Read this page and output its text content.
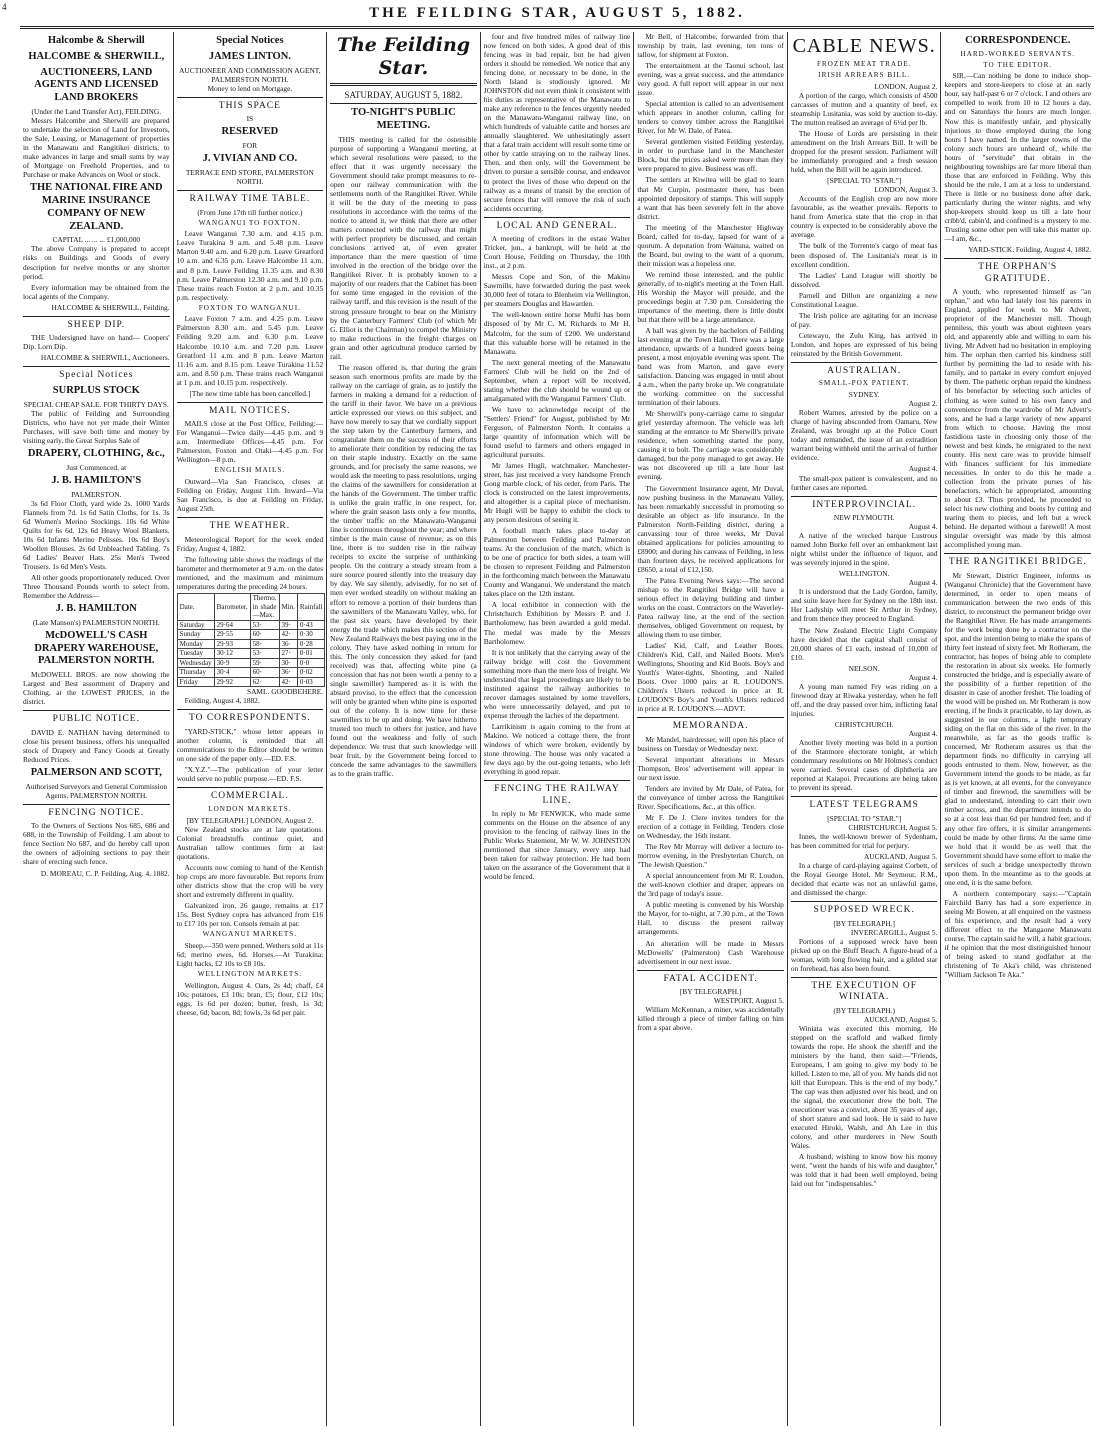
4	THE FEILDING STAR, AUGUST 5, 1882.
Halcombe & Sherwill
HALCOMBE & SHERWILL,
AUCTIONEERS, LAND AGENTS AND LICENSED LAND BROKERS
(Under the Land Transfer Act), FEILDING.

Messrs Halcombe and Sherwill are prepared to undertake the selection of Land for Investors, the Sale, Leasing, or Management of properties in the Manawatu and Rangitikei districts, to make advances in large and small sums by way of Mortgage on Freehold Properties, and to Purchase or make Advances on Wool or stock.

THE NATIONAL FIRE AND MARINE INSURANCE COMPANY OF NEW ZEALAND.
CAPITAL ... ... ... £1,000,000

The above Company is prepared to accept risks on Buildings and Goods of every description for twelve months or any shorter period.

Every information may be obtained from the local agents of the Company.

HALCOMBE & SHERWILL, Feilding.
SHEEP DIP.

THE Undersigned have on hand— Coopers' Dip. Lorn Dip.

HALCOMBE & SHERWILL, Auctioneers.
Special Notices
SURPLUS STOCK
SPECIAL CHEAP SALE. FOR THIRTY DAYS.

The public of Feilding and Surrounding Districts, who have not yet made their Winter Purchases, will save both time and money by visiting early, the Great Surplus Sale of

DRAPERY, CLOTHING, &c.,
Just Commenced, at
J. B. HAMILTON'S
PALMERSTON.

3s 6d Floor Cloth, yard wide 2s. 1000 Yards Flannels from 7d. 1s 6d Satin Cloths, for 1s. 3s 6d Women's Merino Stockings. 10s 6d White Quilts for 6s 6d. 12s 6d Heavy Wool Blankets. 10s 6d Infants Merino Pelisses. 10s 6d Boy's Woollen Blouses. 2s 6d Unbleached Tabling. 7s 6d Ladies' Beaver Hats. 25s Men's Tweed Trousers. 1s 6d Men's Vests.

All other goods proportionately reduced. Over Three Thousand Pounds worth to select from. Remember the Address—

J. B. HAMILTON
(Late Manson's) PALMERSTON NORTH.
McDOWELL'S CASH DRAPERY WAREHOUSE, PALMERSTON NORTH.

McDOWELL BROS. are now showing the Largest and Best assortment of Drapery and Clothing, at the LOWEST PRICES, in the district.

PUBLIC NOTICE.

DAVID E. NATHAN having determined to close his present business, offers his unequalled stock of Drapery and Fancy Goods at Greatly Reduced Prices.

PALMERSON AND SCOTT,
Authorised Surveyors and General Commission Agents, PALMERSTON NORTH.
FENCING NOTICE.

To the Owners of Sections Nos 685, 686 and 688, in the Township of Feilding. I am about to fence Section No 687, and do hereby call upon the owners of adjoining sections to pay their share of erecting such fence.

D. MOREAU, C. P. Feilding, Aug. 4, 1882.
Special Notices
JAMES LINTON.
AUCTIONEER AND COMMISSION AGENT, PALMERSTON NORTH.
Money to lend on Mortgage.
THIS SPACE
IS
RESERVED
FOR
J. VIVIAN AND CO.
TERRACE END STORE, PALMERSTON NORTH.
RAILWAY TIME TABLE.
(From June 17th till further notice.)
WANGANUI TO FOXTON.

Leave Wanganui 7.30 a.m. and 4.15 p.m. Leave Turakina 9 a.m. and 5.48 p.m. Leave Marton 9.40 a.m. and 6.20 p.m. Leave Greatford 10 a.m. and 6.35 p.m. Leave Halcombe 11 a.m. and 8 p.m. Leave Feilding 11.35 a.m. and 8.30 p.m. Leave Palmerston 12.30 a.m. and 9.10 p.m. These trains reach Foxton at 2 p.m. and 10.35 p.m. respectively.

FOXTON TO WANGANUI.

Leave Foxton 7 a.m. and 4.25 p.m. Leave Palmerston 8.30 a.m. and 5.45 p.m. Leave Feilding 9.20 a.m. and 6.30 p.m. Leave Halcombe 10.10 a.m. and 7.20 p.m. Leave Greatford 11 a.m. and 8 p.m. Leave Marton 11.16 a.m. and 8.15 p.m. Leave Turakina 11.52 a.m. and 8.50 p.m. These trains reach Wanganui at 1 p.m. and 10.15 p.m. respectively.

[The new time table has been cancelled.]
MAIL NOTICES.

MAILS close at the Post Office, Feilding:— For Wanganui—Twice daily—4.45 p.m. and 9 a.m. Intermediate Offices—4.45 p.m. For Palmerston, Foxton and Otaki—4.45 p.m. For Wellington—8 p.m.

ENGLISH MAILS.

Outward—Via San Francisco, closes at Feilding on Friday, August 11th. Inward—Via San Francisco, is due at Feilding on Friday, August 25th.

THE WEATHER.

Meteorological Report for the week ended Friday, August 4, 1882.

The following table shows the readings of the barometer and thermometer at 9 a.m. on the dates mentioned, and the maximum and minimum temperatures during the preceding 24 hours.

Date.	Barometer.	Thermo. in shade—Max.	Min.	Rainfall
Saturday	29·64	53·	39·	0·43
Sunday	29·55	60·	42·	0·30
Monday	29·93	58·	36·	0·28
Tuesday	30·12	53·	27·	0·01
Wednesday	30·9	59·	30·	0·0
Thursday	30·4	60·	36·	0·02
Friday	29·92	62·	42·	0·03
SAML. GOODBEHERE.

Feilding, August 4, 1882.

TO CORRESPONDENTS.

"YARD-STICK," whose letter appears in another column, is reminded that all communications to the Editor should be written on one side of the paper only.—ED. F.S.

"X.Y.Z."—The publication of your letter would serve no public purpose.—ED. F.S.

COMMERCIAL.
LONDON MARKETS.
[BY TELEGRAPH.] LONDON, August 2.

New Zealand stocks are at late quotations. Colonial breadstuffs continue quiet, and Australian tallow continues firm at last quotations.

Accounts now coming to hand of the Kentish hop crops are more favourable. But reports from other districts show that the crop will be very short and extremely different in quality.

Galvanized iron, 26 gauge, remains at £17 15s. Best Sydney copra has advanced from £16 to £17 10s per ton. Consols remain at par.

WANGANUI MARKETS.

Sheep.—350 were penned. Wethers sold at 11s 6d; merino ewes, 6d. Horses.—At Turakina: Light hacks, £2 10s to £8 10s.

WELLINGTON MARKETS.

Wellington, August 4. Oats, 2s 4d; chaff, £4 10s; potatoes, £3 10s; bran, £5; flour, £12 10s; eggs, 1s 6d per dozen; butter, fresh, 1s 3d; cheese, 6d; bacon, 8d; fowls, 3s 6d per pair.

The Feilding Star.
SATURDAY, AUGUST 5, 1882.
TO-NIGHT'S PUBLIC MEETING.

THIS meeting is called for the ostensible purpose of supporting a Wanganui meeting, at which several resolutions were passed, to the effect that it was urgently necessary the Government should take prompt measures to re-open our railway communication with the settlements north of the Rangitikei River. While it will be the duty of the meeting to pass resolutions in accordance with the terms of the notice to attend it, we think that there are other matters connected with the railway that might with perfect propriety be discussed, and certain conclusions arrived at, of even greater importance than the mere question of time involved in the erection of the bridge over the Rangitikei River. It is probably known to a majority of our readers that the Cabinet has been for some time engaged in the revision of the railway tariff, and this revision is the result of the strong pressure brought to bear on the Ministry by the Canterbury Farmers' Club (of which Mr G. Elliot is the Chairman) to compel the Ministry to make reductions in the freight charges on grain and other agricultural produce carried by rail.

The reason offered is, that during the grain season such enormous profits are made by the railway on the carriage of grain, as to justify the farmers in making a demand for a reduction of the tariff in their favor. We have on a previous article expressed our views on this subject, and have now merely to say that we cordially support the step taken by the Canterbury farmers, and congratulate them on the success of their efforts to ameliorate their condition by reducing the tax on their staple industry. Exactly on the same grounds, and for precisely the same reasons, we would ask the meeting to pass resolutions, urging the claims of the sawmillers for consideration at the hands of the Government. The timber traffic is unlike the grain traffic in one respect, for, where the grain season lasts only a few months, the timber traffic on the Manawatu-Wanganui line is continuous throughout the year; and where timber is the main cause of revenue, as on this line, there is no sudden rise in the railway receipts to excite the surprise of unthinking people. On the contrary a steady stream from a sure source poured silently into the treasury day by day. We say silently, advisedly, for no set of men ever worked steadily on without making an effort to remove a portion of their burdens than the sawmillers of the Manawatu Valley, who, for the past six years, have developed by their energy the trade which makes this section of the New Zealand Railways the best paying one in the colony. They have asked nothing in return for this. The only concession they asked for (and received) was that, affecting white pine (a concession that has not been worth a penny to a single sawmiller) hampered as it is with the absurd proviso, to the effect that the concession will only be granted when white pine is exported out of the colony. It is now time for these sawmillers to be up and doing. We have hitherto trusted too much to others for justice, and have found out the weakness and folly of such dependence. We trust that such knowledge will bear fruit, by the Government being forced to concede the same advantages to the sawmillers as to the grain traffic.

four and five hundred miles of railway line now fenced on both sides. A good deal of this fencing was in bad repair, but he had given orders it should be remedied. We notice that any fencing done, or necessary to be done, in the North Island is studiously ignored. Mr JOHNSTON did not even think it consistent with his duties as representative of the Manawatu to make any reference to the fences urgently needed on the Manawatu-Wanganui railway line, on which hundreds of valuable cattle and horses are annually slaughtered. We unhesitatingly assert that a fatal train accident will result some time or other by cattle straying on to the railway lines. Then, and then only, will the Government be driven to pursue a sensible course, and endeavor to protect the lives of those who depend on the railway as a means of transit by the erection of secure fences that will remove the risk of such accidents occurring.

LOCAL AND GENERAL.

A meeting of creditors in the estate Walter Tricker, jun., a bankrupt, will be held at the Court House, Feilding on Thursday, the 10th inst., at 2 p.m.

Messrs Cope and Son, of the Makino Sawmills, have forwarded during the past week 30,000 feet of totara to Blenheim via Wellington, per steamers Douglas and Hawarden.

The well-known entire horse Mufti has been disposed of by Mr C. M. Richards to Mr H. Malcolm, for the sum of £200. We understand that this valuable horse will be retained in the Manawatu.

The next general meeting of the Manawatu Farmers' Club will be held on the 2nd of September, when a report will be received, stating whether the club should be wound up or amalgamated with the Wanganui Farmers' Club.

We have to acknowledge receipt of the "Settlers' Friend" for August, published by Mr Ferguson, of Palmerston North. It contains a large quantity of information which will be found useful to farmers and others engaged in agricultural pursuits.

Mr James Hugli, watchmaker, Manchester-street, has just received a very handsome French Gong marble clock, of his order, from Paris. The clock is constructed on the latest improvements, and altogether is a capital piece of mechanism. Mr Hugli will be happy to exhibit the clock to any person desirous of seeing it.

A football match takes place to-day at Palmerston between Feilding and Palmerston teams. At the conclusion of the match, which is to be one of practice for both sides, a team will be chosen to represent Feilding and Palmerston in the forthcoming match between the Manawatu County and Wanganui. We understand the match takes place on the 12th instant.

A local exhibitor in connection with the Christchurch Exhibition by Messrs P. and J. Bartholomew, has been awarded a gold medal. The medal was made by the Messrs Bartholomew.

It is not unlikely that the carrying away of the railway bridge will cost the Government something more than the mere loss of freight. We understand that legal proceedings are likely to be instituted against the railway authorities to recover damages sustained by some travellers, who were unnecessarily delayed, and put to expense through the laches of the department.

Larrikinism is again coming to the front at Makino. We noticed a cottage there, the front windows of which were broken, evidently by stone throwing. The house was only vacated a few days ago by the out-going tenants, who left everything in good repair.

FENCING THE RAILWAY LINE.

In reply to Mr FENWICK, who made some comments on the House on the absence of any provision to the fencing of railway lines in the Public Works Statement, Mr W. W. JOHNSTON mentioned that since January, every step had been taken for railway protection. He had been taken on the assurance of the Government that it would be fenced.

Mr Bell, of Halcombe, forwarded from that township by train, last evening, ten tons of tallow, for shipment at Foxton.

The entertainment at the Taonui school, last evening, was a great success, and the attendance very good. A full report will appear in our next issue.

Special attention is called to an advertisement which appears in another column, calling for tenders to convey timber across the Rangitikei River, for Mr W. Dale, of Patea.

Several gentlemen visited Feilding yesterday, in order to purchase land in the Manchester Block, but the prices asked were more than they were prepared to give. Business was off.

The settlers at Kiwitea will be glad to learn that Mr Curpin, postmaster there, has been appointed depository of stamps. This will supply a want that has been severely felt in the above district.

The meeting of the Manchester Highway Board, called for to-day, lapsed for want of a quorum. A deputation from Waituna, waited on the Board, but owing to the want of a quorum, their mission was a hopeless one.

We remind those interested, and the public generally, of to-night's meeting at the Town Hall. His Worship the Mayor will preside, and the proceedings begin at 7.30 p.m. Considering the importance of the meeting, there is little doubt but that there will be a large attendance.

A ball was given by the bachelors of Feilding last evening at the Town Hall. There was a large attendance, upwards of a hundred guests being present, a most enjoyable evening was spent. The band was from Marton, and gave every satisfaction. Dancing was engaged in until about 4 a.m., when the party broke up. We congratulate the working committee on the successful termination of their labours.

Mr Sherwill's pony-carriage came to singular grief yesterday afternoon. The vehicle was left standing at the entrance to Mr Sherwill's private residence, when something started the pony, causing it to bolt. The carriage was considerably damaged, but the pony managed to get away. He was not discovered up till a late hour last evening.

The Government Insurance agent, Mr Duval, now pushing business in the Manawatu Valley, has been remarkably successful in promoting so desirable an object as life insurance. In the Palmerston North-Feilding district, during a canvassing tour of three weeks, Mr Duval obtained applications for policies amounting to £8900; and during his canvass of Feilding, in less than fourteen days, he received applications for £8650, a total of £12,150.

The Patea Evening News says:—The second mishap to the Rangitikei Bridge will have a serious effect in delaying building and timber works on the coast. Contractors on the Waverley-Patea railway line, at the end of the section themselves, obliged Government on request, by allowing them to use timber.

Ladies' Kid, Calf, and Leather Boots. Children's Kid, Calf, and Nailed Boots. Men's Wellingtons, Shooting and Kid Boots. Boy's and Youth's Water-tights, Shooting, and Nailed Boots. Over 1000 pairs at R. LOUDON'S. Children's Ulsters reduced in price at R. LOUDON'S Boy's and Youth's Ulsters reduced in price at R. LOUDON'S.—ADVT.

MEMORANDA.

Mr Mandel, hairdresser, will open his place of business on Tuesday or Wednesday next.

Several important alterations in Messrs Thompson, Bros' advertisement will appear in our next issue.

Tenders are invited by Mr Dale, of Patea, for the conveyance of timber across the Rangitikei River. Specifications, &c., at this office.

Mr F. De J. Clere invites tenders for the erection of a cottage in Feilding. Tenders close on Wednesday, the 16th instant.

The Rev Mr Murray will deliver a lecture to-morrow evening, in the Presbyterian Church, on "The Jewish Question."

A special announcement from Mr R. Loudon, the well-known clothier and draper, appears on the 3rd page of today's issue.

A public meeting is convened by his Worship the Mayor, for to-night, at 7.30 p.m., at the Town Hall, to discuss the present railway arrangements.

An alteration will be made in Messrs McDowells' (Palmerston) Cash Warehouse advertisement in our next issue.

FATAL ACCIDENT.
[BY TELEGRAPH.]
WESTPORT, August 5.

William McKennan, a miner, was accidentally killed through a piece of timber falling on him from a spar above.

CABLE NEWS.
FROZEN MEAT TRADE.
IRISH ARREARS BILL.
LONDON, August 2.

A portion of the cargo, which consists of 4500 carcasses of mutton and a quantity of beef, ex steamship Lusitania, was sold by auction to-day. The mutton realised an average of 6½d per lb.

The House of Lords are persisting in their amendment on the Irish Arrears Bill. It will be dropped for the present session. Parliament will be immediately prorogued and a fresh session held, when the Bill will be again introduced.

[SPECIAL TO "STAR."]
LONDON, August 3.

Accounts of the English crop are now more favourable, as the weather prevails. Reports to hand from America state that the crop in that country is expected to be considerably above the average.

The bulk of the Torrento's cargo of meat has been disposed of. The Lusitania's meat is in excellent condition.

The Ladies' Land League will shortly be dissolved.

Parnell and Dillon are organizing a new Constitutional League.

The Irish police are agitating for an increase of pay.

Cetewayo, the Zulu King, has arrived in London, and hopes are expressed of his being reinstated by the British Government.

AUSTRALIAN.
SMALL-POX PATIENT.
SYDNEY.
August 2.

Robert Warnes, arrested by the police on a charge of having absconded from Oamaru, New Zealand, was brought up at the Police Court today and remanded, the issue of an extradition warrant being withheld until the arrival of further evidence.

August 4.

The small-pox patient is convalescent, and no further cases are reported.

INTERPROVINCIAL.
NEW PLYMOUTH.
August 4.

A native of the wrecked barque Lustrous named John Burke fell over an embankment last night whilst under the influence of liquor, and was severely injured in the spine.

WELLINGTON.
August 4.

It is understood that the Lady Gordon, family, and suite leave here for Sydney on the 18th inst. Her Ladyship will meet Sir Arthur in Sydney, and from thence they proceed to England.

The New Zealand Electric Light Company have decided that the capital shall consist of 20,000 shares of £1 each, instead of 10,000 of £10.

NELSON.
August 4.

A young man named Fry was riding on a firewood dray at Riwaka yesterday, when he fell off, and the dray passed over him, inflicting fatal injuries.

CHRISTCHURCH.
August 4.

Another lively meeting was held in a portion of the Stanmore electorate tonight, at which condemnary resolutions on Mr Holmes's conduct were carried. Several cases of diphtheria are reported at Kaiapoi. Precautions are being taken to prevent its spread.

LATEST TELEGRAMS
[SPECIAL TO "STAR."]
CHRISTCHURCH, August 5.

Innes, the well-known brewer of Sydenham, has been committed for trial for perjury.

AUCKLAND, August 5.

In a charge of card-playing against Corbett, of the Royal George Hotel, Mr Seymour, R.M., decided that ecarte was not an unlawful game, and dismissed the charge.

SUPPOSED WRECK.
[BY TELEGRAPH.]
INVERCARGILL, August 5.

Portions of a supposed wreck have been picked up on the Bluff Beach. A figure-head of a woman, with long flowing hair, and a gilded star on forehead, has also been found.

THE EXECUTION OF WINIATA.
(BY TELEGRAPH.)
AUCKLAND, August 5.

Winiata was executed this morning. He stepped on the scaffold and walked firmly towards the rope. He shook the sheriff and the ministers by the hand, then said:—"Friends, Europeans, I am going to give my body to be killed. Listen to me, all of you. My hands did not kill that European. This is the end of my body." The cap was then adjusted over his head, and on the signal, the executioner drew the bolt. The executioner was a convict, about 35 years of age, of short stature and sad look. He is said to have executed Hiroki, Walsh, and Ah Lee in this colony, and other murderers in New South Wales.

A husband, wishing to know how his money went, "went the hands of his wife and daughter," was told that it had been well employed, being laid out for "indispensables."

CORRESPONDENCE.
HARD-WORKED SERVANTS.
TO THE EDITOR.

SIR,—Can nothing be done to induce shop-keepers and store-keepers to close at an early hour, say half-past 6 or 7 o'clock. I and others are compelled to work from 10 to 12 hours a day, and on Saturdays the hours are much longer. Now this is manifestly unfair, and physically injurious to those employed during the long hours I have named. In the larger towns of the colony such hours are unheard of, while the hours of "servitude" that obtain in the neighbouring townships are far more liberal than those that are enforced in Feilding. Why this should be the rule, I am at a loss to understand. There is little or no business done after dark, particularly during the winter nights, and why shop-keepers should keep us till a late hour cribb'd, cabin'd, and confined is a mystery to me. Trusting some other pen will take this matter up.—I am, &c.,

YARD-STICK. Feilding, August 4, 1882.
THE ORPHAN'S GRATITUDE.

A youth, who represented himself as "an orphan," and who had lately lost his parents in England, applied for work to Mr Advett, proprietor of the Manchester mill. Though penniless, this youth was about eighteen years old, and apparently able and willing to earn his living. Mr Advett had no hesitation in employing him. The orphan then carried his kindness still further by permitting the lad to reside with his family, and to partake in every comfort enjoyed by them. The pathetic orphan repaid the kindness of his benefactor by selecting such articles of clothing as were suited to his own fancy and convenience from the wardrobe of Mr Advett's sons, and he had a large variety of new apparel from which to choose. Having the most fastidious taste in choosing only those of the newest and best kinds, he emigrated to the next county. His next care was to provide himself with finances sufficient for his immediate necessities. In order to do this he made a collection from the private purses of his benefactors, which he appropriated, amounting to about £3. Thus provided, he proceeded to select his new clothing and boots by cutting and tearing them to pieces, and left but a wreck behind. He departed without a farewell! A most singular oversight was made by this almost accomplished young man.

THE RANGITIKEI BRIDGE.

Mr Stewart, District Engineer, informs us (Wanganui Chronicle) that the Government have determined, in order to open means of communication between the two ends of this district, to reconstruct the permanent bridge over the Rangitikei River. He has made arrangements for the work being done by a contractor on the spot, and the intention being to make the spans of thirty feet instead of sixty feet. Mr Rotheram, the contractor, has hopes of being able to complete the restoration in about six weeks. He formerly constructed the bridge, and is especially aware of the possibility of a further repetition of the disaster in case of another freshet. The loading of the wood will be pushed on. Mr Rotheram is now erecting, if he finds it practicable, to lay down, as suggested in our columns, a light temporary siding on the flat on this side of the river. In the meanwhile, as far as the goods traffic is concerned, Mr Rotheram assures us that the department finds no difficulty in carrying all goods entrusted to them. Now, however, as the Government intend the goods to be made, as far as is yet known, at all events, for the conveyance of timber and firewood, the sawmillers will be glad to understand, intending to cart their own timber across, and the department intends to do so at a cost less than 6d per hundred feet, and if any other fire offers, it is similar arrangements could be made by other firms. At the same time we hold that it would be as well that the Government should have some effort to make the services of such a bridge unexpectedly thrown upon them. In the meantime as to the goods at one end, it is the same before.

A northern contemporary says:—"Captain Fairchild Barry has had a sore experience in seeing Mr Bowen, at all enquired on the vastness of his experience, and the result had a very different effect to the Mangaone Manawatu course. The captain said he will, a habit gracious, if he opinion that the most distinguished honour of being asked to stand godfather at the christening of Te Aka's child, was christened "William Jackson Te Aka."
